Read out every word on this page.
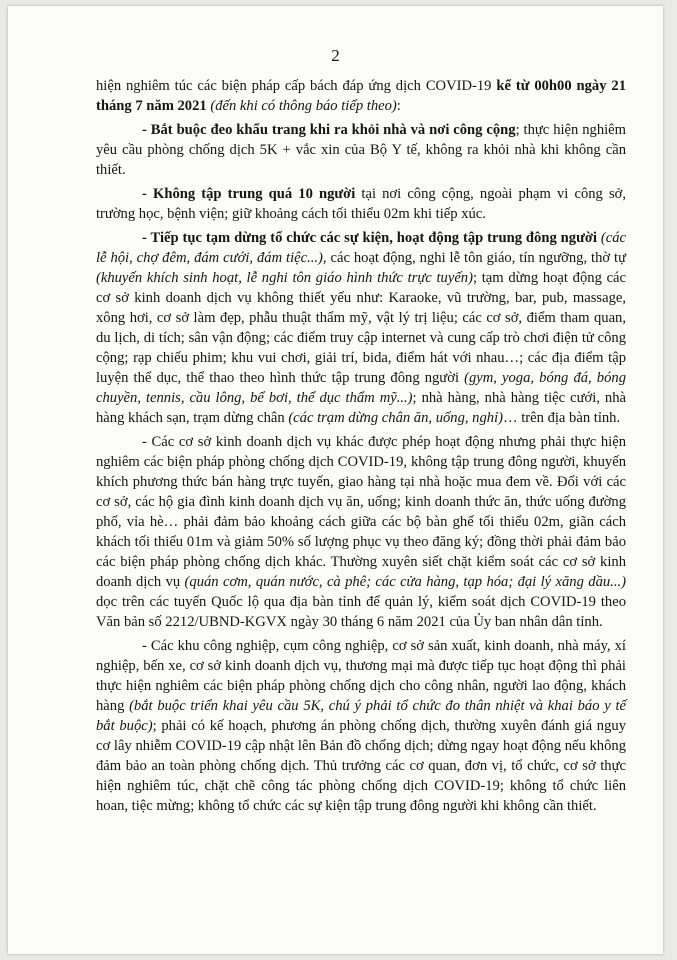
2

hiện nghiêm túc các biện pháp cấp bách đáp ứng dịch COVID-19 kể từ 00h00 ngày 21 tháng 7 năm 2021 (đến khi có thông báo tiếp theo):

- Bắt buộc đeo khẩu trang khi ra khỏi nhà và nơi công cộng; thực hiện nghiêm yêu cầu phòng chống dịch 5K + vắc xin của Bộ Y tế, không ra khỏi nhà khi không cần thiết.

- Không tập trung quá 10 người tại nơi công cộng, ngoài phạm vi công sở, trường học, bệnh viện; giữ khoảng cách tối thiểu 02m khi tiếp xúc.

- Tiếp tục tạm dừng tổ chức các sự kiện, hoạt động tập trung đông người (các lễ hội, chợ đêm, đám cưới, đám tiệc...), các hoạt động, nghi lễ tôn giáo, tín ngưỡng, thờ tự (khuyến khích sinh hoạt, lễ nghi tôn giáo hình thức trực tuyến); tạm dừng hoạt động các cơ sở kinh doanh dịch vụ không thiết yếu như: Karaoke, vũ trường, bar, pub, massage, xông hơi, cơ sở làm đẹp, phẫu thuật thẩm mỹ, vật lý trị liệu; các cơ sở, điểm tham quan, du lịch, di tích; sân vận động; các điểm truy cập internet và cung cấp trò chơi điện tử công cộng; rạp chiếu phim; khu vui chơi, giải trí, bida, điểm hát với nhau…; các địa điểm tập luyện thể dục, thể thao theo hình thức tập trung đông người (gym, yoga, bóng đá, bóng chuyền, tennis, cầu lông, bể bơi, thể dục thẩm mỹ...); nhà hàng, nhà hàng tiệc cưới, nhà hàng khách sạn, trạm dừng chân (các trạm dừng chân ăn, uống, nghỉ)… trên địa bàn tỉnh.

- Các cơ sở kinh doanh dịch vụ khác được phép hoạt động nhưng phải thực hiện nghiêm các biện pháp phòng chống dịch COVID-19, không tập trung đông người, khuyến khích phương thức bán hàng trực tuyến, giao hàng tại nhà hoặc mua đem về. Đối với các cơ sở, các hộ gia đình kinh doanh dịch vụ ăn, uống; kinh doanh thức ăn, thức uống đường phố, vỉa hè… phải đảm bảo khoảng cách giữa các bộ bàn ghế tối thiểu 02m, giãn cách khách tối thiểu 01m và giảm 50% số lượng phục vụ theo đăng ký; đồng thời phải đảm bảo các biện pháp phòng chống dịch khác. Thường xuyên siết chặt kiểm soát các cơ sở kinh doanh dịch vụ (quán cơm, quán nước, cà phê; các cửa hàng, tạp hóa; đại lý xăng dầu...) dọc trên các tuyến Quốc lộ qua địa bàn tỉnh để quản lý, kiểm soát dịch COVID-19 theo Văn bản số 2212/UBND-KGVX ngày 30 tháng 6 năm 2021 của Ủy ban nhân dân tỉnh.

- Các khu công nghiệp, cụm công nghiệp, cơ sở sản xuất, kinh doanh, nhà máy, xí nghiệp, bến xe, cơ sở kinh doanh dịch vụ, thương mại mà được tiếp tục hoạt động thì phải thực hiện nghiêm các biện pháp phòng chống dịch cho công nhân, người lao động, khách hàng (bắt buộc triển khai yêu cầu 5K, chú ý phải tổ chức đo thân nhiệt và khai báo y tế bắt buộc); phải có kế hoạch, phương án phòng chống dịch, thường xuyên đánh giá nguy cơ lây nhiễm COVID-19 cập nhật lên Bản đồ chống dịch; dừng ngay hoạt động nếu không đảm bảo an toàn phòng chống dịch. Thủ trưởng các cơ quan, đơn vị, tổ chức, cơ sở thực hiện nghiêm túc, chặt chẽ công tác phòng chống dịch COVID-19; không tổ chức liên hoan, tiệc mừng; không tổ chức các sự kiện tập trung đông người khi không cần thiết.
